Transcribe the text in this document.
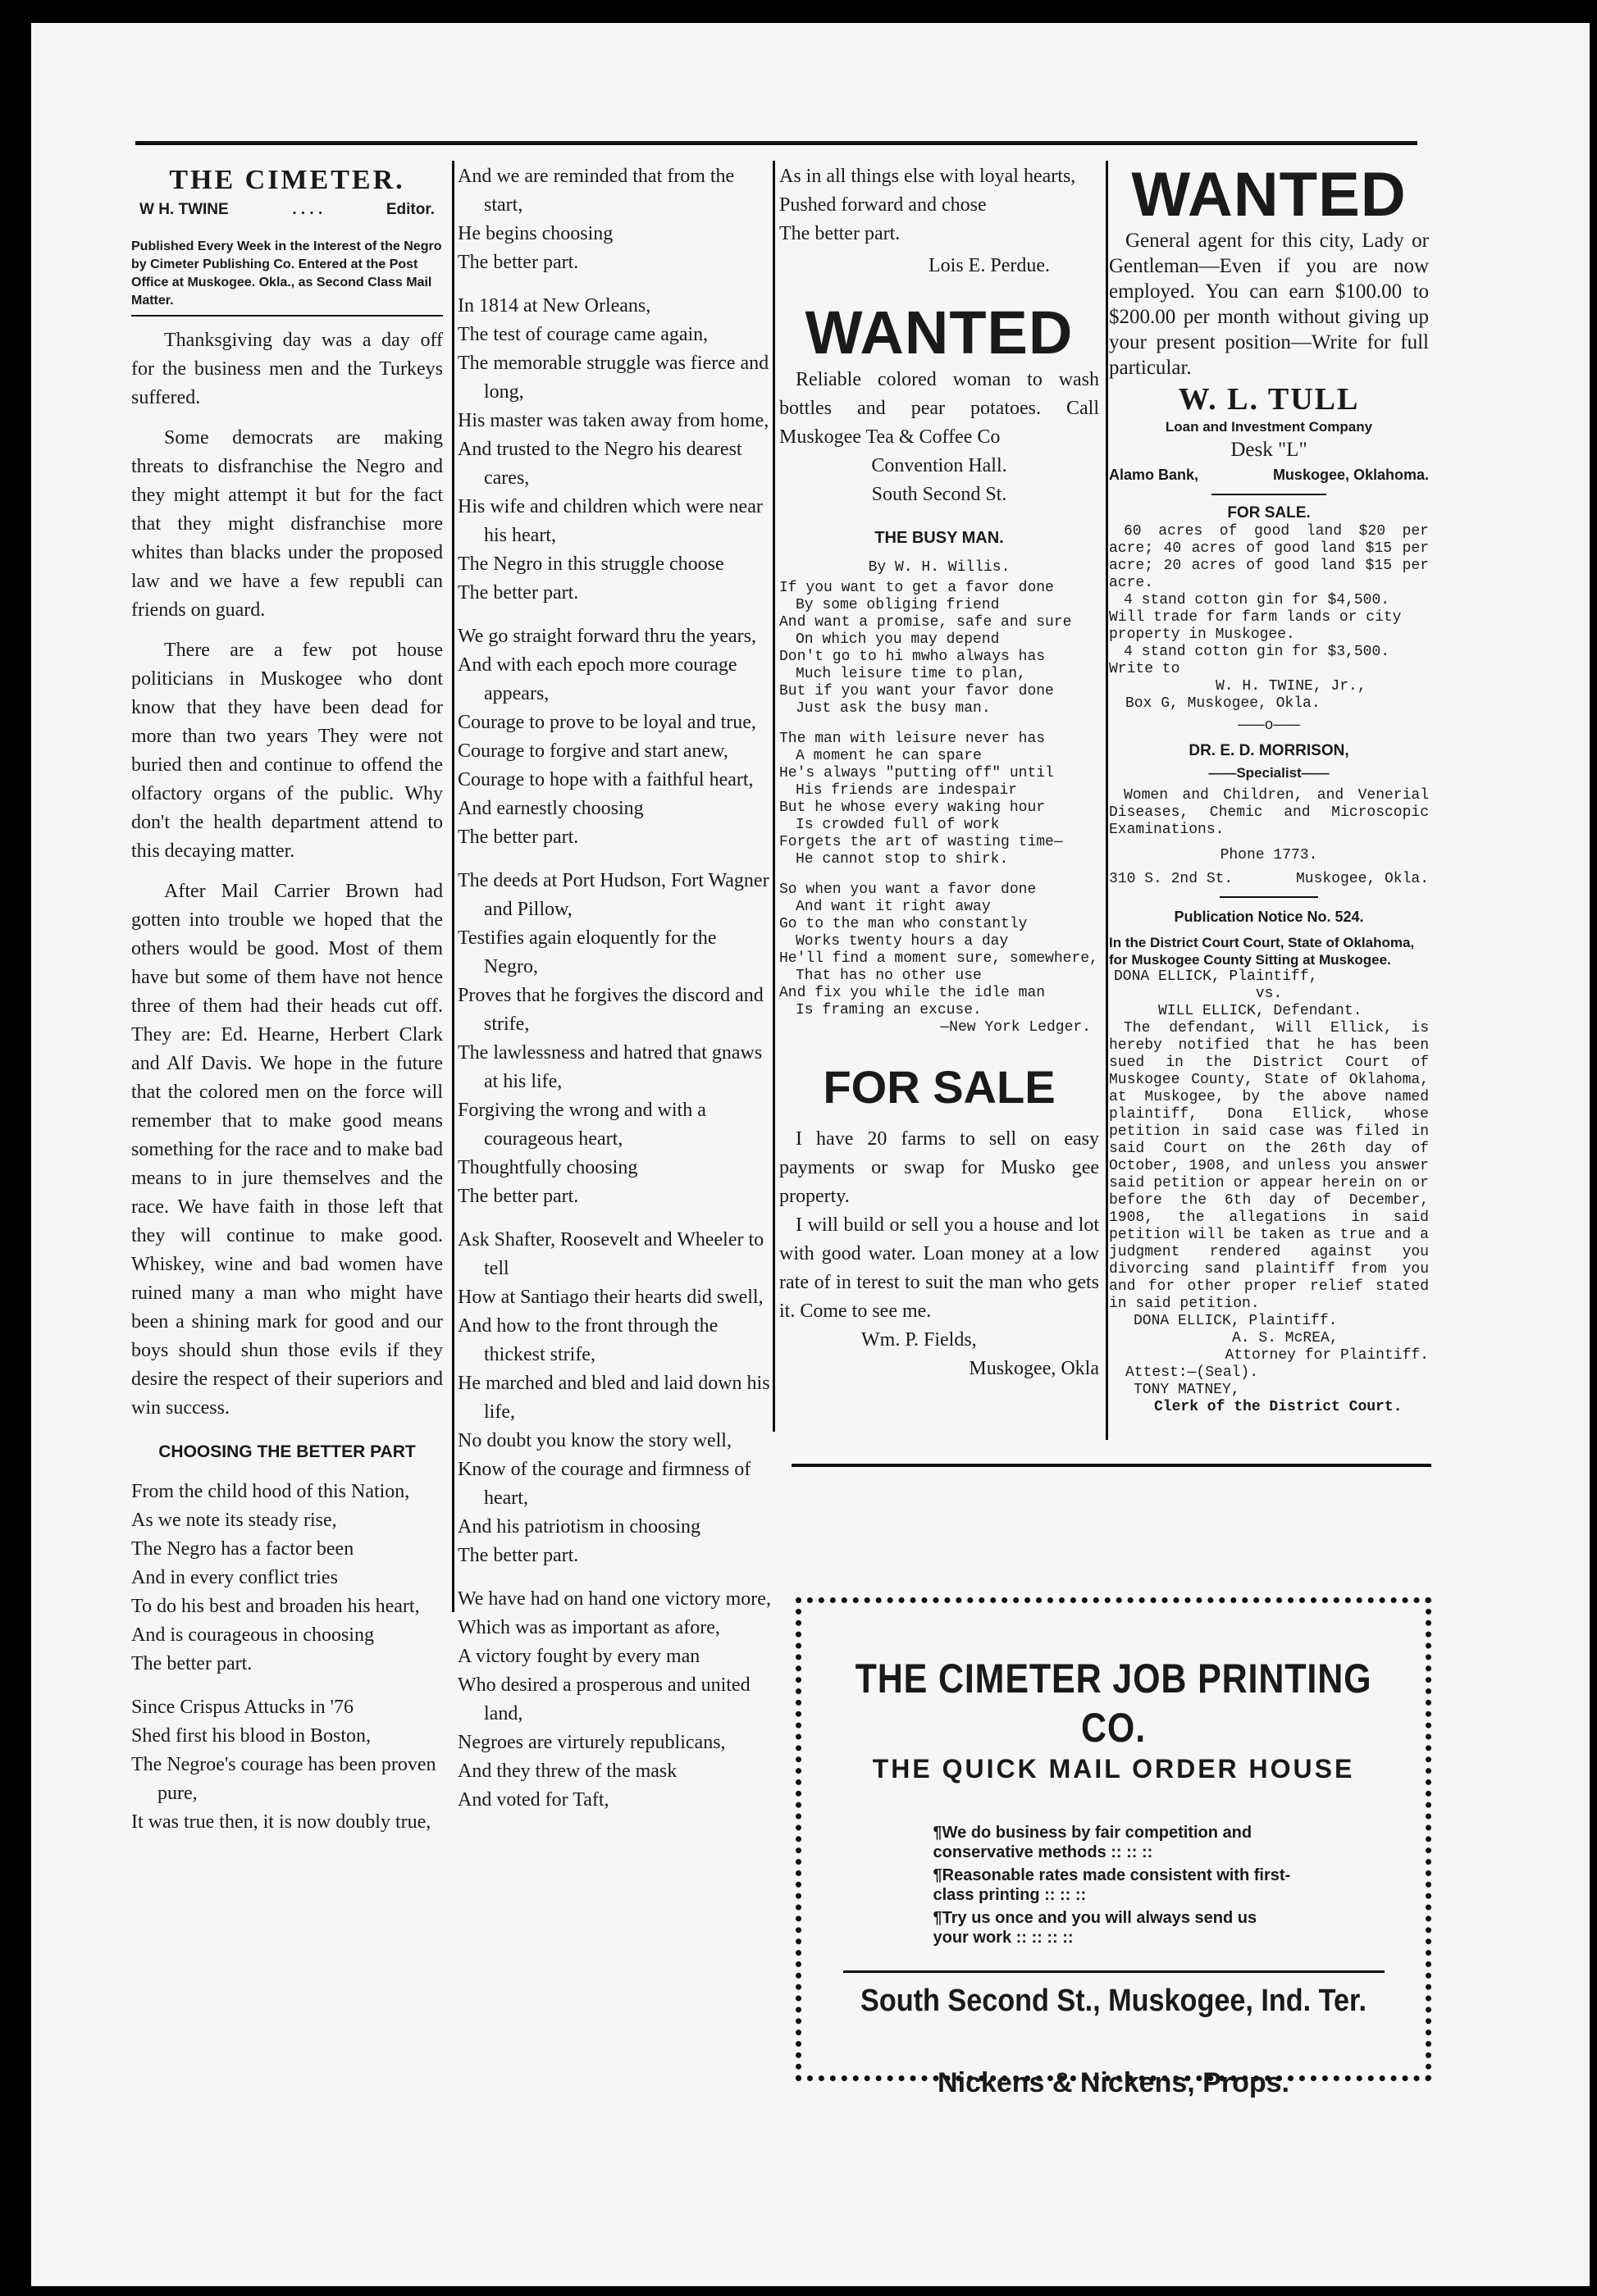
THE CIMETER.
W H. TWINE	. . . .	Editor.
Published Every Week in the Interest of the Negro by Cimeter Publishing Co. Entered at the Post Office at Muskogee. Okla., as Second Class Mail Matter.

Thanksgiving day was a day off for the business men and the Turkeys suffered.

Some democrats are making threats to disfranchise the Negro and they might attempt it but for the fact that they might disfranchise more whites than blacks under the proposed law and we have a few republi can friends on guard.

There are a few pot house politicians in Muskogee who dont know that they have been dead for more than two years They were not buried then and continue to offend the olfactory organs of the public. Why don't the health department attend to this decaying matter.

After Mail Carrier Brown had gotten into trouble we hoped that the others would be good. Most of them have but some of them have not hence three of them had their heads cut off. They are: Ed. Hearne, Herbert Clark and Alf Davis. We hope in the future that the colored men on the force will remember that to make good means something for the race and to make bad means to in jure themselves and the race. We have faith in those left that they will continue to make good. Whiskey, wine and bad women have ruined many a man who might have been a shining mark for good and our boys should shun those evils if they desire the respect of their superiors and win success.

CHOOSING THE BETTER PART

From the child hood of this Nation,

As we note its steady rise,

The Negro has a factor been

And in every conflict tries

To do his best and broaden his heart,

And is courageous in choosing

The better part.

Since Crispus Attucks in '76

Shed first his blood in Boston,

The Negroe's courage has been proven pure,

It was true then, it is now doubly true,

And we are reminded that from the start,

He begins choosing

The better part.

In 1814 at New Orleans,

The test of courage came again,

The memorable struggle was fierce and long,

His master was taken away from home,

And trusted to the Negro his dearest cares,

His wife and children which were near his heart,

The Negro in this struggle choose

The better part.

We go straight forward thru the years,

And with each epoch more courage appears,

Courage to prove to be loyal and true,

Courage to forgive and start anew,

Courage to hope with a faithful heart,

And earnestly choosing

The better part.

The deeds at Port Hudson, Fort Wagner and Pillow,

Testifies again eloquently for the Negro,

Proves that he forgives the discord and strife,

The lawlessness and hatred that gnaws at his life,

Forgiving the wrong and with a courageous heart,

Thoughtfully choosing

The better part.

Ask Shafter, Roosevelt and Wheeler to tell

How at Santiago their hearts did swell,

And how to the front through the thickest strife,

He marched and bled and laid down his life,

No doubt you know the story well,

Know of the courage and firmness of heart,

And his patriotism in choosing

The better part.

We have had on hand one victory more,

Which was as important as afore,

A victory fought by every man

Who desired a prosperous and united land,

Negroes are virturely republicans,

And they threw of the mask

And voted for Taft,

As in all things else with loyal hearts,

Pushed forward and chose

The better part.

Lois E. Perdue.

WANTED

Reliable colored woman to wash bottles and pear potatoes. Call Muskogee Tea & Coffee Co

Convention Hall.

South Second St.

THE BUSY MAN.
By W. H. Willis.
If you want to get a favor done
By some obliging friend
And want a promise, safe and sure
On which you may depend
Don't go to hi mwho always has
Much leisure time to plan,
But if you want your favor done
Just ask the busy man.
The man with leisure never has
A moment he can spare
He's always "putting off" until
His friends are indespair
But he whose every waking hour
Is crowded full of work
Forgets the art of wasting time—
He cannot stop to shirk.
So when you want a favor done
And want it right away
Go to the man who constantly
Works twenty hours a day
He'll find a moment sure, somewhere,
That has no other use
And fix you while the idle man
Is framing an excuse.
—New York Ledger.
FOR SALE

I have 20 farms to sell on easy payments or swap for Musko gee property.

I will build or sell you a house and lot with good water. Loan money at a low rate of in terest to suit the man who gets it. Come to see me.

Wm. P. Fields,

Muskogee, Okla

WANTED

General agent for this city, Lady or Gentleman—Even if you are now employed. You can earn $100.00 to $200.00 per month without giving up your present position—Write for full particular.

W. L. TULL
Loan and Investment Company
Desk "L"
Alamo Bank,	Muskogee, Oklahoma.
FOR SALE.
60 acres of good land $20 per acre; 40 acres of good land $15 per acre; 20 acres of good land $15 per acre.
4 stand cotton gin for $4,500. Will trade for farm lands or city property in Muskogee.
4 stand cotton gin for $3,500. Write to
W. H. TWINE, Jr.,
Box G, Muskogee, Okla.
———o———
DR. E. D. MORRISON,
——Specialist——
Women and Children, and Venerial Diseases, Chemic and Microscopic Examinations.
Phone 1773.
310 S. 2nd St.	Muskogee, Okla.
Publication Notice No. 524.
In the District Court Court, State of Oklahoma, for Muskogee County Sitting at Muskogee.
DONA ELLICK, Plaintiff,
vs.
WILL ELLICK, Defendant.
The defendant, Will Ellick, is hereby notified that he has been sued in the District Court of Muskogee County, State of Oklahoma, at Muskogee, by the above named plaintiff, Dona Ellick, whose petition in said case was filed in said Court on the 26th day of October, 1908, and unless you answer said petition or appear herein on or before the 6th day of December, 1908, the allegations in said petition will be taken as true and a judgment rendered against you divorcing sand plaintiff from you and for other proper relief stated in said petition.
DONA ELLICK, Plaintiff.
A. S. McREA,
Attorney for Plaintiff.
Attest:—(Seal).
TONY MATNEY,
Clerk of the District Court.
THE CIMETER JOB PRINTING CO.
THE QUICK MAIL ORDER HOUSE
¶We do business by fair competition and conservative methods :: :: ::
¶Reasonable rates made consistent with first-class printing :: :: ::
¶Try us once and you will always send us your work :: :: :: ::
South Second St., Muskogee, Ind. Ter.
Nickens & Nickens, Props.
